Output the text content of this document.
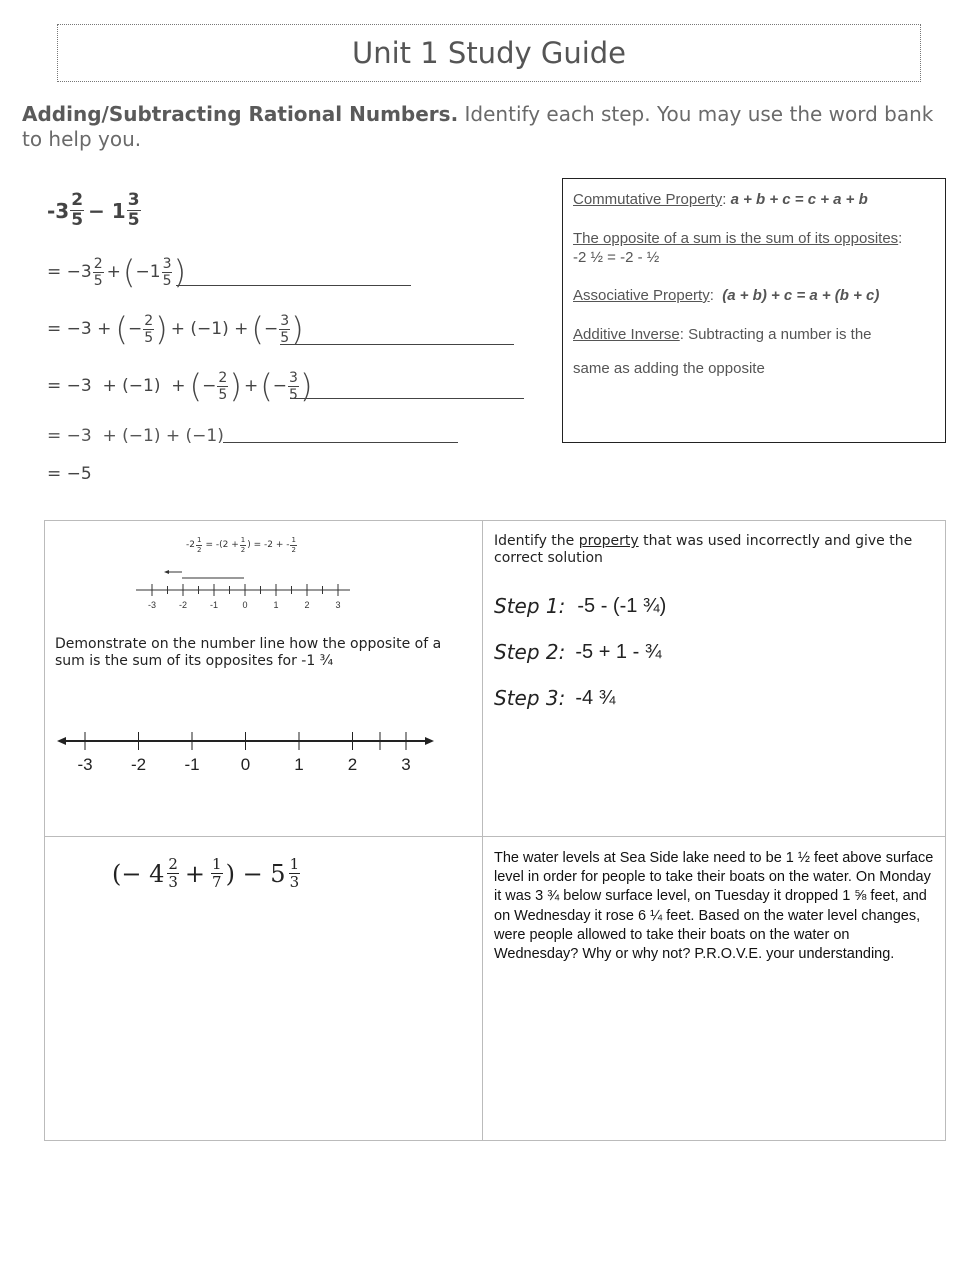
Unit 1 Study Guide
Adding/Subtracting Rational Numbers. Identify each step. You may use the word bank to help you.
$-3 \frac{2}{5} - 1 \frac{3}{5}$
= $-3 \frac{2}{5}$ + ( $-1 \frac{3}{5}$ )
= −3 + ( − $\frac{2}{5}$ ) + (−1) + ( − $\frac{3}{5}$ )
= −3  + (−1)  + ( − $\frac{2}{5}$ ) + ( − $\frac{3}{5}$ )
= −3  + (−1) + (−1)
= −5

Commutative Property: a + b + c = c + a + b

The opposite of a sum is the sum of its opposites:

-2 ½ = -2 - ½

Associative Property:  (a + b) + c = a + (b + c)

Additive Inverse: Subtracting a number is the

same as adding the opposite

$-2 \frac{1}{2} = -(2 + \frac{1}{2}$ ) = -2 + - $\frac{1}{2}$
-3	-2	-1	0	1	2	3
Demonstrate on the number line how the opposite of a sum is the sum of its opposites for -1 ¾
-3 -2 -1 0	1	2	3
Identify the property that was used incorrectly and give the correct solution
Step 1: -5 - (-1 ¾)
Step 2: -5 + 1 - ¾
Step 3: -4 ¾
(− $4 \frac{2}{3} + \frac{1}{7}$ ) − $5 \frac{1}{3}$	The water levels at Sea Side lake need to be 1 ½ feet above surface level in order for people to take their boats on the water. On Monday it was 3 ¾ below surface level, on Tuesday it dropped 1 ⅝ feet, and on Wednesday it rose 6 ¼ feet. Based on the water level changes, were people allowed to take their boats on the water on Wednesday? Why or why not? P.R.O.V.E. your understanding.
